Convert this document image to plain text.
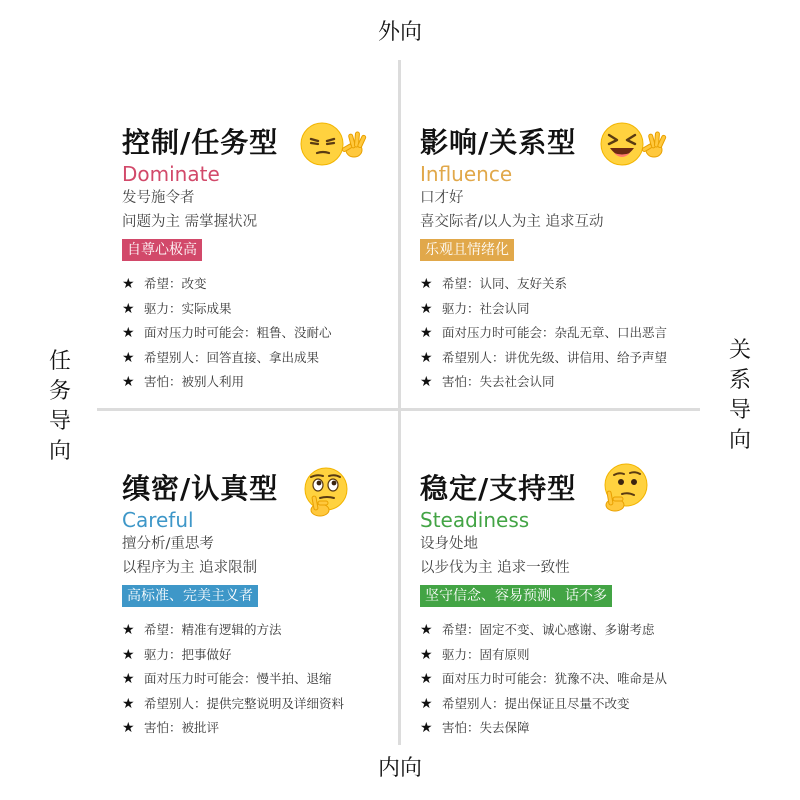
外向
内向
任务导向
关系导向
控制/任务型
Dominate
发号施令者
问题为主 需掌握状况
自尊心极高
★ 希望：改变
★ 驱力：实际成果
★ 面对压力时可能会：粗鲁、没耐心
★ 希望别人：回答直接、拿出成果
★ 害怕：被别人利用
影响/关系型
Influence
口才好
喜交际者/以人为主 追求互动
乐观且情绪化
★ 希望：认同、友好关系
★ 驱力：社会认同
★ 面对压力时可能会：杂乱无章、口出恶言
★ 希望别人：讲优先级、讲信用、给予声望
★ 害怕：失去社会认同
缜密/认真型
Careful
擅分析/重思考
以程序为主 追求限制
高标准、完美主义者
★ 希望：精准有逻辑的方法
★ 驱力：把事做好
★ 面对压力时可能会：慢半拍、退缩
★ 希望别人：提供完整说明及详细资料
★ 害怕：被批评
稳定/支持型
Steadiness
设身处地
以步伐为主 追求一致性
坚守信念、容易预测、话不多
★ 希望：固定不变、诚心感谢、多谢考虑
★ 驱力：固有原则
★ 面对压力时可能会：犹豫不决、唯命是从
★ 希望别人：提出保证且尽量不改变
★ 害怕：失去保障
